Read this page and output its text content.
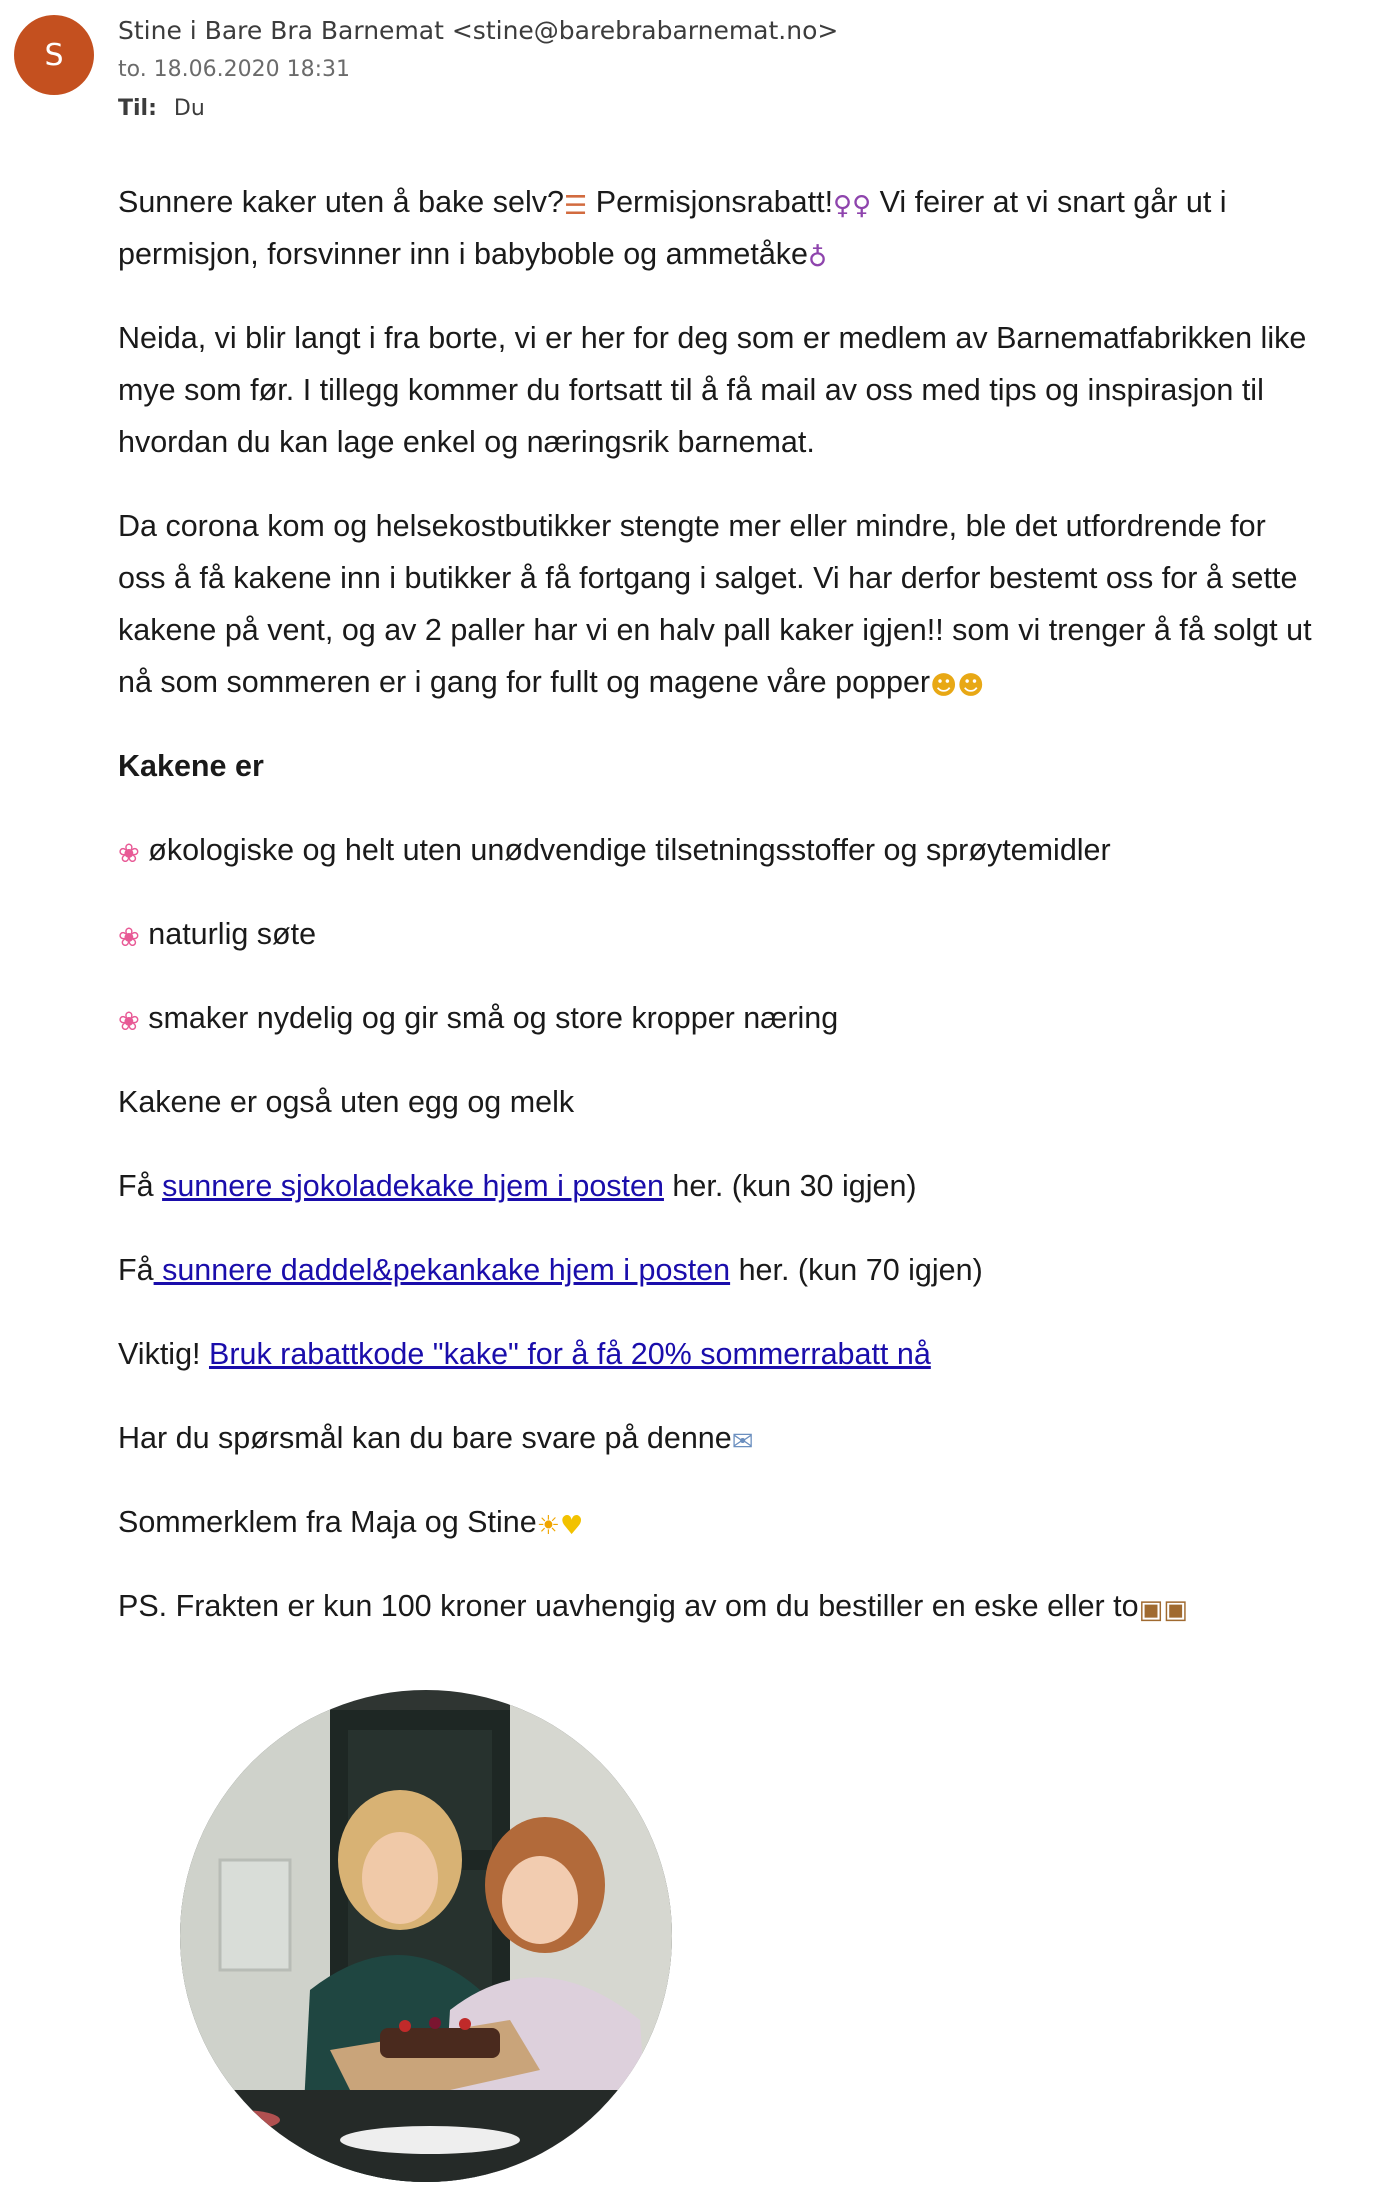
S
Stine i Bare Bra Barnemat <stine@barebrabarnemat.no>
to. 18.06.2020 18:31
Til: Du

Sunnere kaker uten å bake selv?☰ Permisjonsrabatt!♀♀ Vi feirer at vi snart går ut i permisjon, forsvinner inn i babyboble og ammetåke♁

Neida, vi blir langt i fra borte, vi er her for deg som er medlem av Barnematfabrikken like mye som før. I tillegg kommer du fortsatt til å få mail av oss med tips og inspirasjon til hvordan du kan lage enkel og næringsrik barnemat.

Da corona kom og helsekostbutikker stengte mer eller mindre, ble det utfordrende for oss å få kakene inn i butikker å få fortgang i salget. Vi har derfor bestemt oss for å sette kakene på vent, og av 2 paller har vi en halv pall kaker igjen!! som vi trenger å få solgt ut nå som sommeren er i gang for fullt og magene våre popper☻☻

Kakene er

❀ økologiske og helt uten unødvendige tilsetningsstoffer og sprøytemidler

❀ naturlig søte

❀ smaker nydelig og gir små og store kropper næring

Kakene er også uten egg og melk

Få sunnere sjokoladekake hjem i posten her. (kun 30 igjen)

Få sunnere daddel&pekankake hjem i posten her. (kun 70 igjen)

Viktig! Bruk rabattkode "kake" for å få 20% sommerrabatt nå

Har du spørsmål kan du bare svare på denne✉

Sommerklem fra Maja og Stine☀♥

PS. Frakten er kun 100 kroner uavhengig av om du bestiller en eske eller to▣▣
